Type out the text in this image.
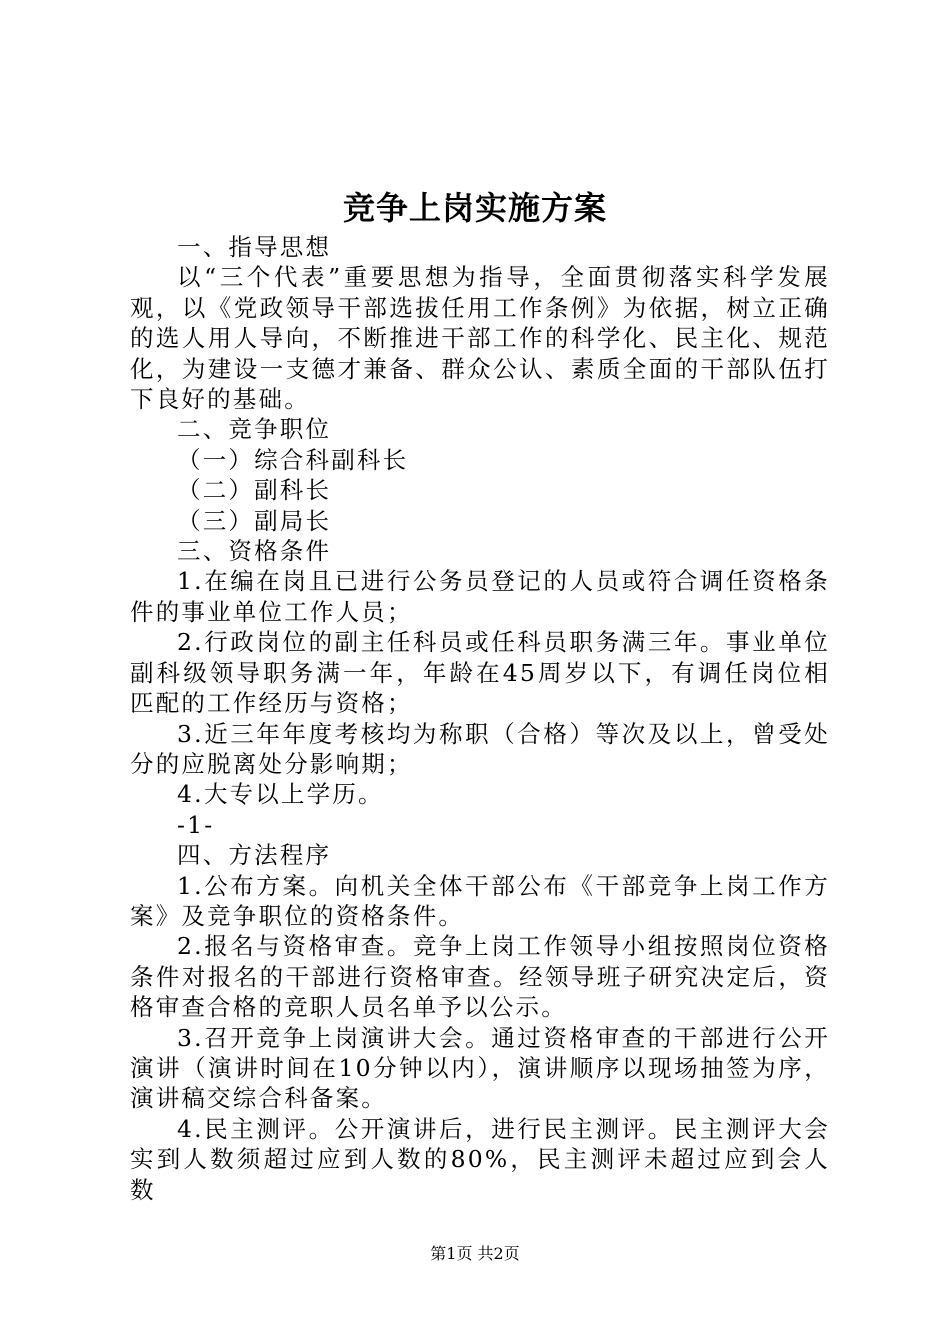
竞争上岗实施方案

一、指导思想

以“三个代表”重要思想为指导，全面贯彻落实科学发展观，以《党政领导干部选拔任用工作条例》为依据，树立正确的选人用人导向，不断推进干部工作的科学化、民主化、规范化，为建设一支德才兼备、群众公认、素质全面的干部队伍打下良好的基础。

二、竞争职位

（一）综合科副科长

（二）副科长

（三）副局长

三、资格条件

1.在编在岗且已进行公务员登记的人员或符合调任资格条件的事业单位工作人员；

2.行政岗位的副主任科员或任科员职务满三年。事业单位副科级领导职务满一年，年龄在45周岁以下，有调任岗位相匹配的工作经历与资格；

3.近三年年度考核均为称职（合格）等次及以上，曾受处分的应脱离处分影响期；

4.大专以上学历。

-1-

四、方法程序

1.公布方案。向机关全体干部公布《干部竞争上岗工作方案》及竞争职位的资格条件。

2.报名与资格审查。竞争上岗工作领导小组按照岗位资格条件对报名的干部进行资格审查。经领导班子研究决定后，资格审查合格的竞职人员名单予以公示。

3.召开竞争上岗演讲大会。通过资格审查的干部进行公开演讲（演讲时间在10分钟以内），演讲顺序以现场抽签为序，演讲稿交综合科备案。

4.民主测评。公开演讲后，进行民主测评。民主测评大会实到人数须超过应到人数的80%，民主测评未超过应到会人数

第1页 共2页
